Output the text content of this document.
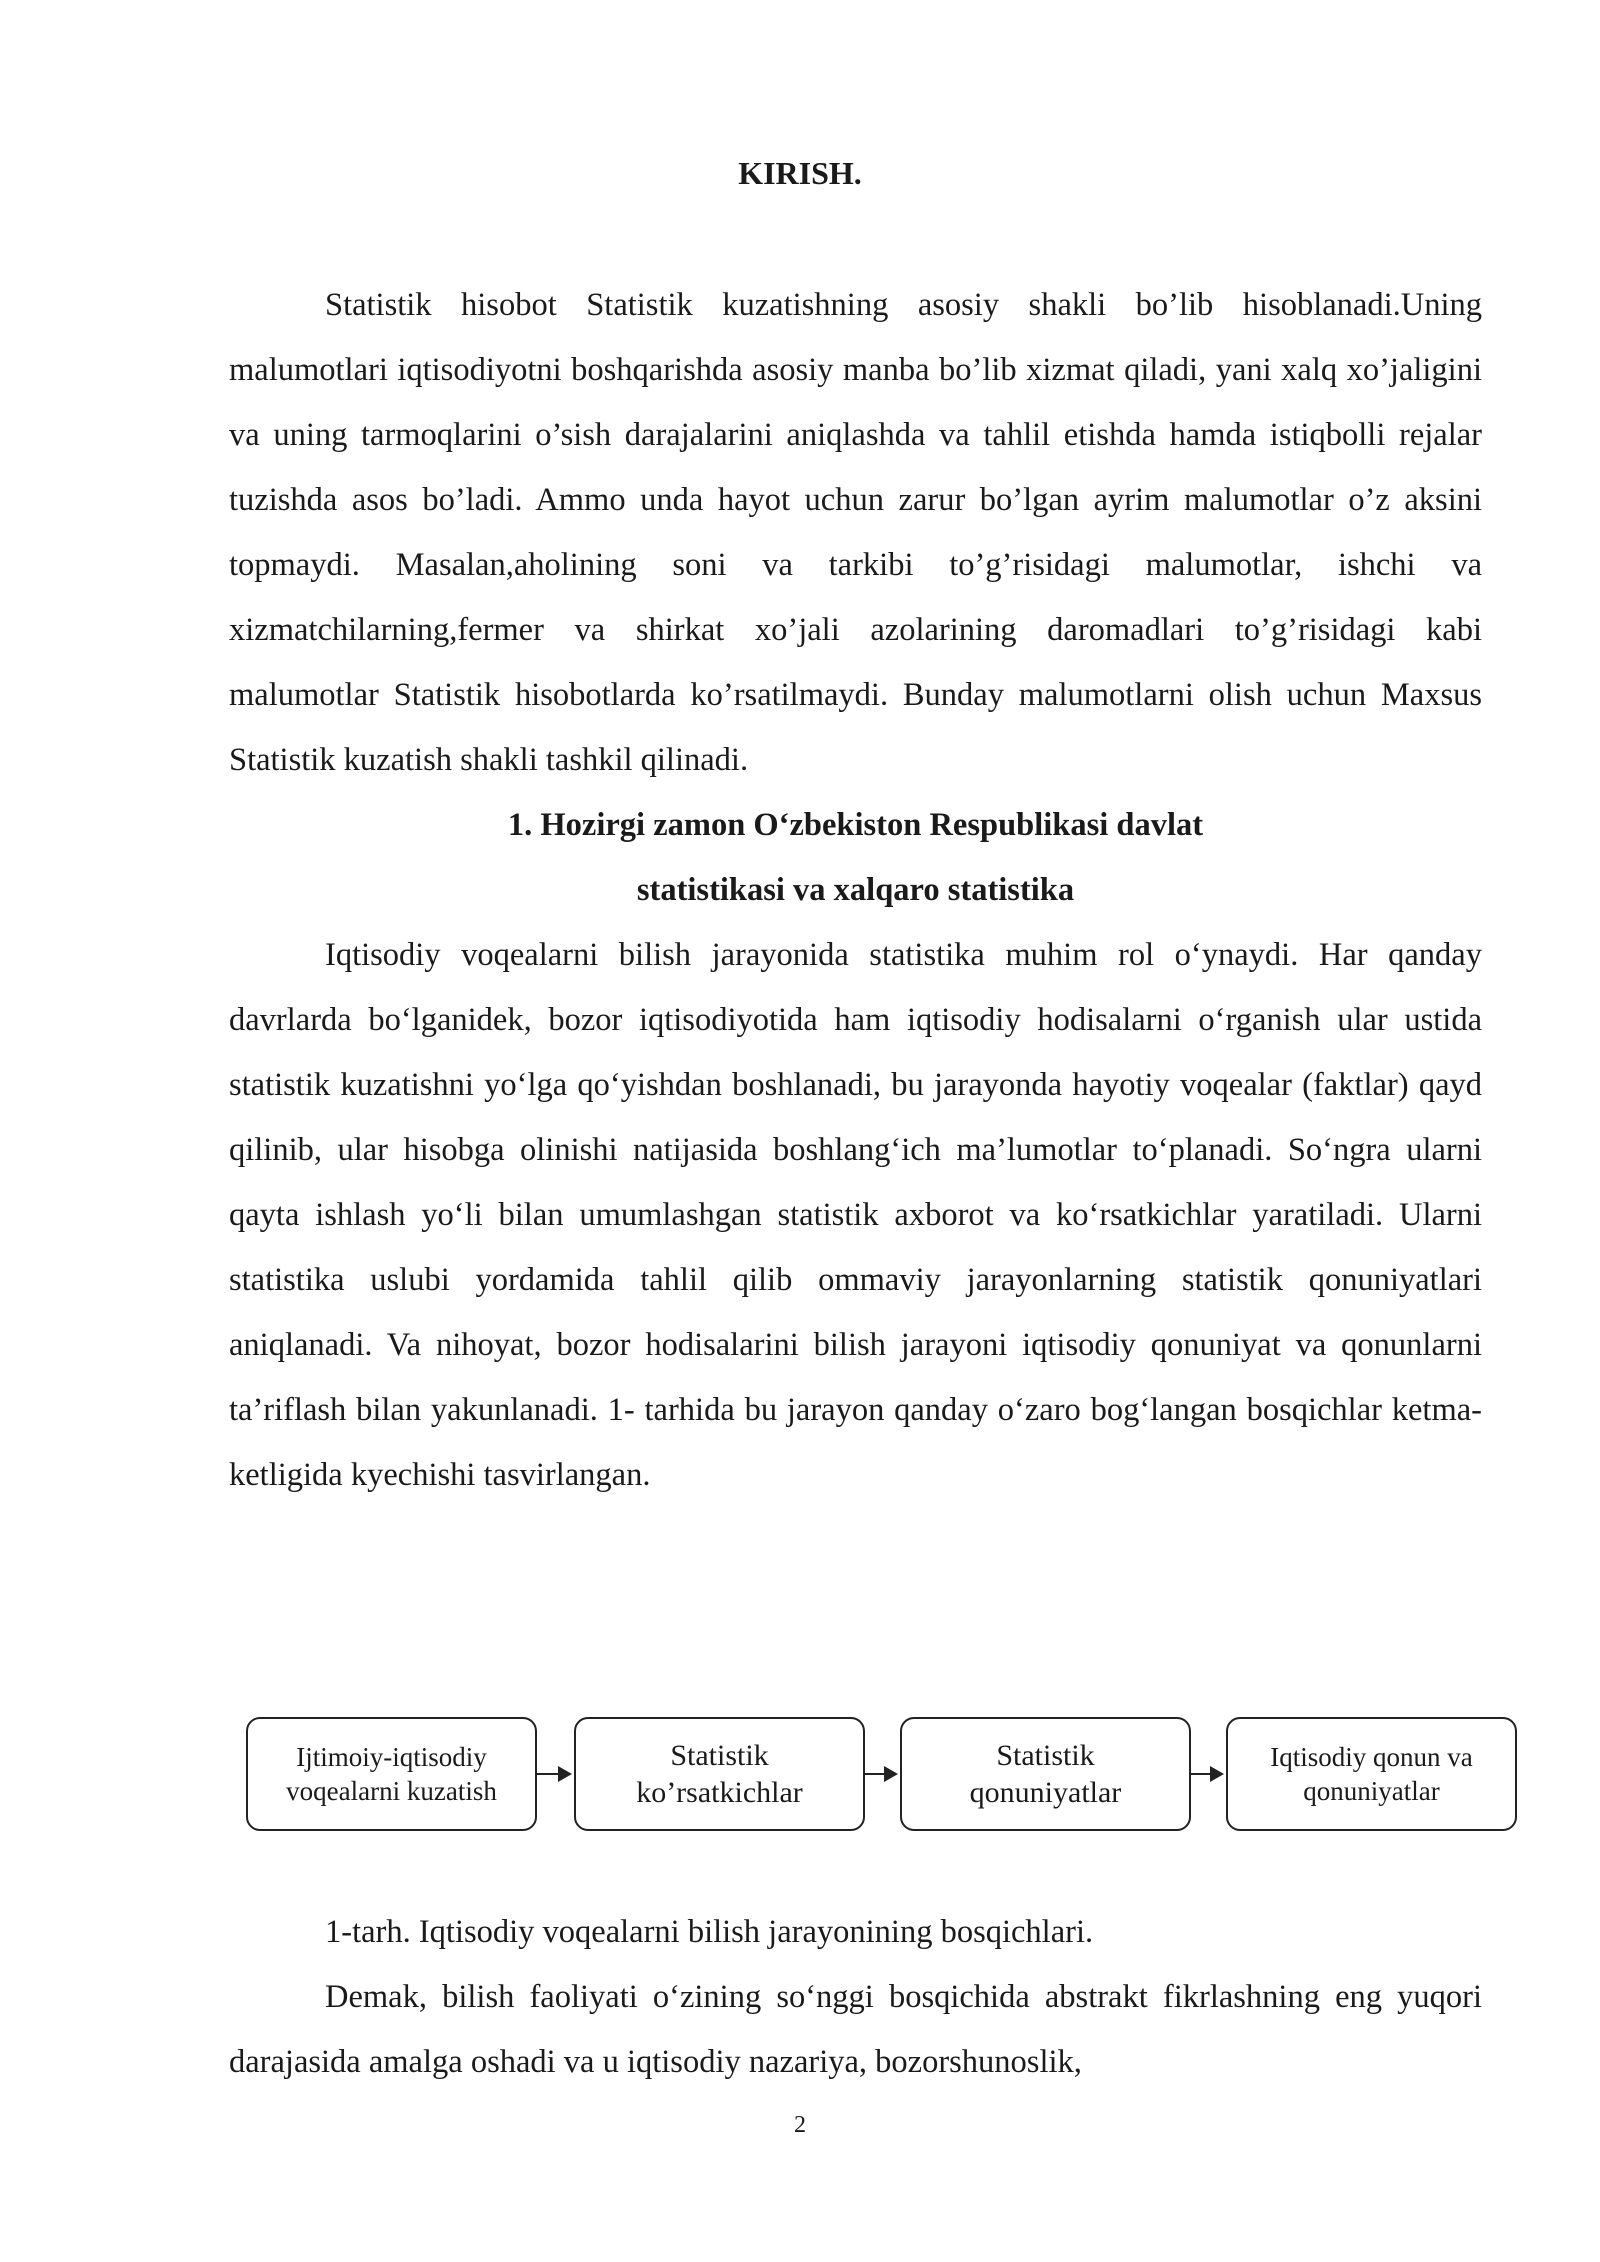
KIRISH.

Statistik hisobot Statistik kuzatishning asosiy shakli bo’lib hisoblanadi.Uning malumotlari iqtisodiyotni boshqarishda asosiy manba bo’lib xizmat qiladi, yani xalq xo’jaligini va uning tarmoqlarini o’sish darajalarini aniqlashda va tahlil etishda hamda istiqbolli rejalar tuzishda asos bo’ladi. Ammo unda hayot uchun zarur bo’lgan ayrim malumotlar o’z aksini topmaydi. Masalan,aholining soni va tarkibi to’g’risidagi malumotlar, ishchi va xizmatchilarning,fermer va shirkat xo’jali azolarining daromadlari to’g’risidagi kabi malumotlar Statistik hisobotlarda ko’rsatilmaydi. Bunday malumotlarni olish uchun Maxsus Statistik kuzatish shakli tashkil qilinadi.

1. Hozirgi zamon O‘zbekiston Respublikasi davlat

statistikasi va xalqaro statistika

Iqtisodiy voqealarni bilish jarayonida statistika muhim rol o‘ynaydi. Har qanday davrlarda bo‘lganidek, bozor iqtisodiyotida ham iqtisodiy hodisalarni o‘rganish ular ustida statistik kuzatishni yo‘lga qo‘yishdan boshlanadi, bu jarayonda hayotiy voqealar (faktlar) qayd qilinib, ular hisobga olinishi natijasida boshlang‘ich ma’lumotlar to‘planadi. So‘ngra ularni qayta ishlash yo‘li bilan umumlashgan statistik axborot va ko‘rsatkichlar yaratiladi. Ularni statistika uslubi yordamida tahlil qilib ommaviy jarayonlarning statistik qonuniyatlari aniqlanadi. Va nihoyat, bozor hodisalarini bilish jarayoni iqtisodiy qonuniyat va qonunlarni ta’riflash bilan yakunlanadi. 1- tarhida bu jarayon qanday o‘zaro bog‘langan bosqichlar ketma-ketligida kyechishi tasvirlangan.

Ijtimoiy-iqtisodiy
voqealarni kuzatish
Statistik
ko’rsatkichlar
Statistik
qonuniyatlar
Iqtisodiy qonun va
qonuniyatlar

1-tarh. Iqtisodiy voqealarni bilish jarayonining bosqichlari.

Demak, bilish faoliyati o‘zining so‘nggi bosqichida abstrakt fikrlashning eng yuqori darajasida amalga oshadi va u iqtisodiy nazariya, bozorshunoslik,

2
